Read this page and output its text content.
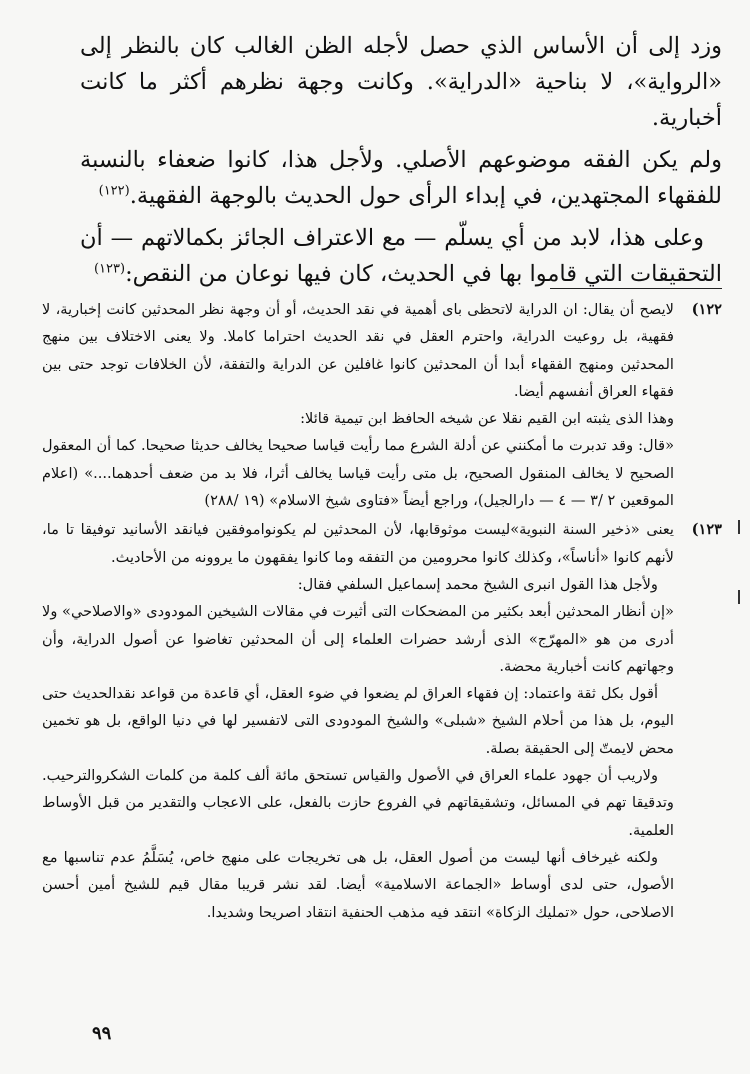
وزد إلى أن الأساس الذي حصل لأجله الظن الغالب كان بالنظر إلى «الرواية»، لا بناحية «الدراية». وكانت وجهة نظرهم أكثر ما كانت أخبارية.

ولم يكن الفقه موضوعهم الأصلي. ولأجل هذا، كانوا ضعفاء بالنسبة للفقهاء المجتهدين، في إبداء الرأى حول الحديث بالوجهة الفقهية.$^{(١٢٢)}$

وعلى هذا، لابد من أي يسلّم — مع الاعتراف الجائز بكمالاتهم — أن التحقيقات التي قاموا بها في الحديث، كان فيها نوعان من النقص:$^{(١٢٣)}$

١٢٢)

لايصح أن يقال: ان الدراية لاتحظى باى أهمية في نقد الحديث، أو أن وجهة نظر المحدثين كانت إخبارية، لا فقهية، بل روعيت الدراية، واحترم العقل في نقد الحديث احتراما كاملا. ولا يعنى الاختلاف بين منهج المحدثين ومنهج الفقهاء أبدا أن المحدثين كانوا غافلين عن الدراية والتفقة، لأن الخلافات توجد حتى بين فقهاء العراق أنفسهم أيضا.

وهذا الذى يثبته ابن القيم نقلا عن شيخه الحافظ ابن تيمية قائلا:

«قال: وقد تدبرت ما أمكنني عن أدلة الشرع مما رأيت قياسا صحيحا يخالف حديثا صحيحا. كما أن المعقول الصحيح لا يخالف المنقول الصحيح، بل متى رأيت قياسا يخالف أثرا، فلا بد من ضعف أحدهما....» (اعلام الموقعين ٢ /٣ — ٤ — دارالجيل)، وراجع أيضاً «فتاوى شيخ الاسلام» (١٩ /٢٨٨)

١٢٣)

يعنى «ذخير السنة النبوية»ليست موثوقابها، لأن المحدثين لم يكونواموفقين فيانقد الأسانيد توفيقا تا ما، لأنهم كانوا «أناساً»، وكذلك كانوا محرومين من التفقه وما كانوا يفقهون ما يروونه من الأحاديث.

ولأجل هذا القول انبرى الشيخ محمد إسماعيل السلفي فقال:

«إن أنظار المحدثين أبعد بكثير من المضحكات التى أثيرت في مقالات الشيخين المودودى «والاصلاحي» ولا أدرى من هو «المهرّج» الذى أرشد حضرات العلماء إلى أن المحدثين تغاضوا عن أصول الدراية، وأن وجهاتهم كانت أخبارية محضة.

أقول بكل ثقة واعتماد: إن فقهاء العراق لم يضعوا في ضوء العقل، أي قاعدة من قواعد نقدالحديث حتى اليوم، بل هذا من أحلام الشيخ «شبلى» والشيخ المودودى التى لاتفسير لها في دنيا الواقع، بل هو تخمين محض لايمتّ إلى الحقيقة بصلة.

ولاريب أن جهود علماء العراق في الأصول والقياس تستحق مائة ألف كلمة من كلمات الشكروالترحيب. وتدقيقا تهم في المسائل، وتشقيقاتهم في الفروع حازت بالفعل، على الاعجاب والتقدير من قبل الأوساط العلمية.

ولكنه غيرخاف أنها ليست من أصول العقل، بل هى تخريجات على منهج خاص، يُسَلَّمُ عدم تناسبها مع الأصول، حتى لدى أوساط «الجماعة الاسلامية» أيضا. لقد نشر قريبا مقال قيم للشيخ أمين أحسن الاصلاحى، حول «تمليك الزكاة» انتقد فيه مذهب الحنفية انتقاد اصريحا وشديدا.

٩٩
